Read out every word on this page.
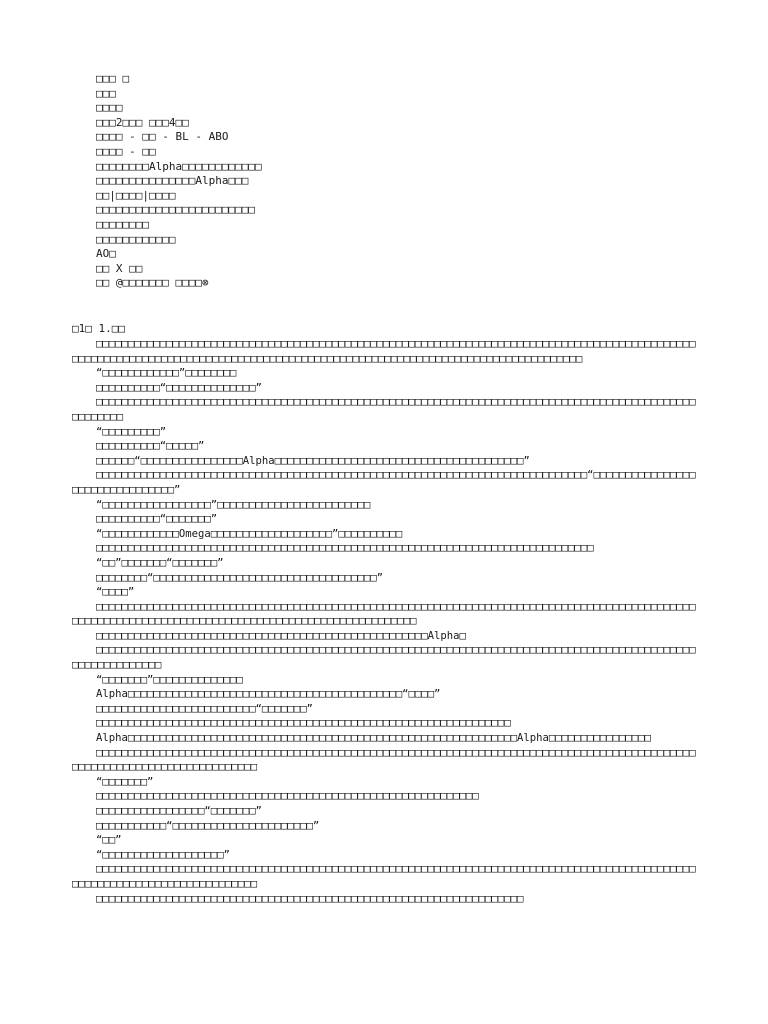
□□□ □
□□□
□□□□
□□□2□□□ □□□4□□
□□□□ - □□ - BL - ABO
□□□□ - □□
□□□□□□□□Alpha□□□□□□□□□□□□
□□□□□□□□□□□□□□□Alpha□□□
□□|□□□□|□□□□
□□□□□□□□□□□□□□□□□□□□□□□□
□□□□□□□□
□□□□□□□□□□□□
AO□
□□ X □□
□□ @□□□□□□□ □□□□⊗
□1□ 1.□□

□□□□□□□□□□□□□□□□□□□□□□□□□□□□□□□□□□□□□□□□□□□□□□□□□□□□□□□□□□□□□□□□□□□□□□□□□□□□□□□□□□□□□□□□□□□□□□□□□□□□□□□□□□□□□□□□□□□□□□□□□□□□□□□□□□□□□□□□□□□□□□□□□□□□□□□□□□□□□□□□□□□□□□□□□□□□□□

“□□□□□□□□□□□□”□□□□□□□□

□□□□□□□□□□“□□□□□□□□□□□□□□”

□□□□□□□□□□□□□□□□□□□□□□□□□□□□□□□□□□□□□□□□□□□□□□□□□□□□□□□□□□□□□□□□□□□□□□□□□□□□□□□□□□□□□□□□□□□□□□□□□□□□□□

“□□□□□□□□□”

□□□□□□□□□□“□□□□□”

□□□□□□“□□□□□□□□□□□□□□□□Alpha□□□□□□□□□□□□□□□□□□□□□□□□□□□□□□□□□□□□□□□”

□□□□□□□□□□□□□□□□□□□□□□□□□□□□□□□□□□□□□□□□□□□□□□□□□□□□□□□□□□□□□□□□□□□□□□□□□□□□□“□□□□□□□□□□□□□□□□□□□□□□□□□□□□□□□□”

“□□□□□□□□□□□□□□□□□”□□□□□□□□□□□□□□□□□□□□□□□□

□□□□□□□□□□“□□□□□□□”

“□□□□□□□□□□□□Omega□□□□□□□□□□□□□□□□□□□”□□□□□□□□□□

□□□□□□□□□□□□□□□□□□□□□□□□□□□□□□□□□□□□□□□□□□□□□□□□□□□□□□□□□□□□□□□□□□□□□□□□□□□□□□

“□□”□□□□□□□“□□□□□□□”

□□□□□□□□“□□□□□□□□□□□□□□□□□□□□□□□□□□□□□□□□□□□”

“□□□□”

□□□□□□□□□□□□□□□□□□□□□□□□□□□□□□□□□□□□□□□□□□□□□□□□□□□□□□□□□□□□□□□□□□□□□□□□□□□□□□□□□□□□□□□□□□□□□□□□□□□□□□□□□□□□□□□□□□□□□□□□□□□□□□□□□□□□□□□□□□□□□□□□□□□□

□□□□□□□□□□□□□□□□□□□□□□□□□□□□□□□□□□□□□□□□□□□□□□□□□□□□Alpha□

□□□□□□□□□□□□□□□□□□□□□□□□□□□□□□□□□□□□□□□□□□□□□□□□□□□□□□□□□□□□□□□□□□□□□□□□□□□□□□□□□□□□□□□□□□□□□□□□□□□□□□□□□□□□

“□□□□□□□”□□□□□□□□□□□□□□

Alpha□□□□□□□□□□□□□□□□□□□□□□□□□□□□□□□□□□□□□□□□□□□“□□□□”

□□□□□□□□□□□□□□□□□□□□□□□□□“□□□□□□□”

□□□□□□□□□□□□□□□□□□□□□□□□□□□□□□□□□□□□□□□□□□□□□□□□□□□□□□□□□□□□□□□□□

Alpha□□□□□□□□□□□□□□□□□□□□□□□□□□□□□□□□□□□□□□□□□□□□□□□□□□□□□□□□□□□□□Alpha□□□□□□□□□□□□□□□□

□□□□□□□□□□□□□□□□□□□□□□□□□□□□□□□□□□□□□□□□□□□□□□□□□□□□□□□□□□□□□□□□□□□□□□□□□□□□□□□□□□□□□□□□□□□□□□□□□□□□□□□□□□□□□□□□□□□□□□□□□□□

“□□□□□□□”

□□□□□□□□□□□□□□□□□□□□□□□□□□□□□□□□□□□□□□□□□□□□□□□□□□□□□□□□□□□□

□□□□□□□□□□□□□□□□□“□□□□□□□”

□□□□□□□□□□□“□□□□□□□□□□□□□□□□□□□□□□”

“□□”

“□□□□□□□□□□□□□□□□□□□”

□□□□□□□□□□□□□□□□□□□□□□□□□□□□□□□□□□□□□□□□□□□□□□□□□□□□□□□□□□□□□□□□□□□□□□□□□□□□□□□□□□□□□□□□□□□□□□□□□□□□□□□□□□□□□□□□□□□□□□□□□□□

□□□□□□□□□□□□□□□□□□□□□□□□□□□□□□□□□□□□□□□□□□□□□□□□□□□□□□□□□□□□□□□□□□□
